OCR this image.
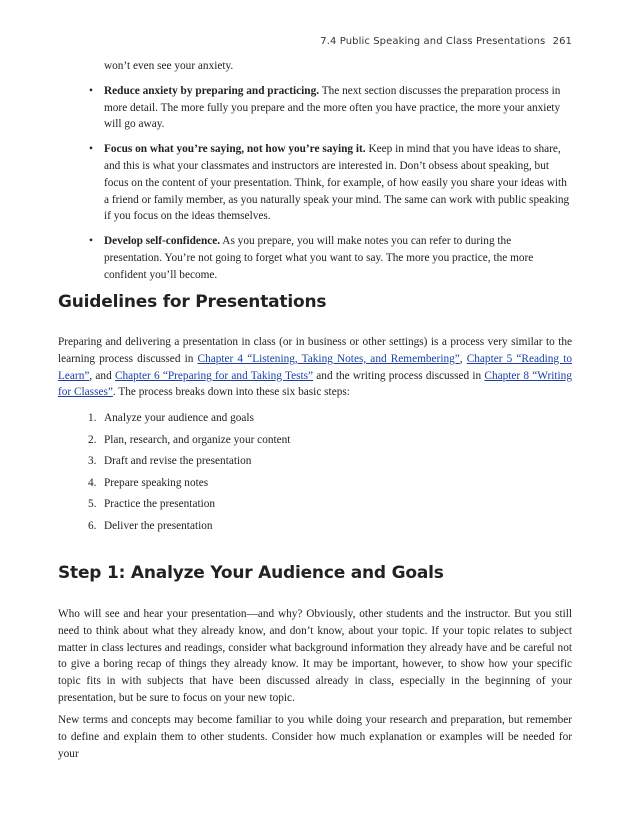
7.4 Public Speaking and Class Presentations 261
won’t even see your anxiety.
• Reduce anxiety by preparing and practicing. The next section discusses the preparation process in more detail. The more fully you prepare and the more often you have practice, the more your anxiety will go away.
• Focus on what you’re saying, not how you’re saying it. Keep in mind that you have ideas to share, and this is what your classmates and instructors are interested in. Don’t obsess about speaking, but focus on the content of your presentation. Think, for example, of how easily you share your ideas with a friend or family member, as you naturally speak your mind. The same can work with public speaking if you focus on the ideas themselves.
• Develop self-confidence. As you prepare, you will make notes you can refer to during the presentation. You’re not going to forget what you want to say. The more you practice, the more confident you’ll become.
Guidelines for Presentations

Preparing and delivering a presentation in class (or in business or other settings) is a process very similar to the learning process discussed in Chapter 4 “Listening, Taking Notes, and Remembering”, Chapter 5 “Reading to Learn”, and Chapter 6 “Preparing for and Taking Tests” and the writing process discussed in Chapter 8 “Writing for Classes”. The process breaks down into these six basic steps:

1. Analyze your audience and goals
2. Plan, research, and organize your content
3. Draft and revise the presentation
4. Prepare speaking notes
5. Practice the presentation
6. Deliver the presentation
Step 1: Analyze Your Audience and Goals

Who will see and hear your presentation—and why? Obviously, other students and the instructor. But you still need to think about what they already know, and don’t know, about your topic. If your topic relates to subject matter in class lectures and readings, consider what background information they already have and be careful not to give a boring recap of things they already know. It may be important, however, to show how your specific topic fits in with subjects that have been discussed already in class, especially in the beginning of your presentation, but be sure to focus on your new topic.

New terms and concepts may become familiar to you while doing your research and preparation, but remember to define and explain them to other students. Consider how much explanation or examples will be needed for your
